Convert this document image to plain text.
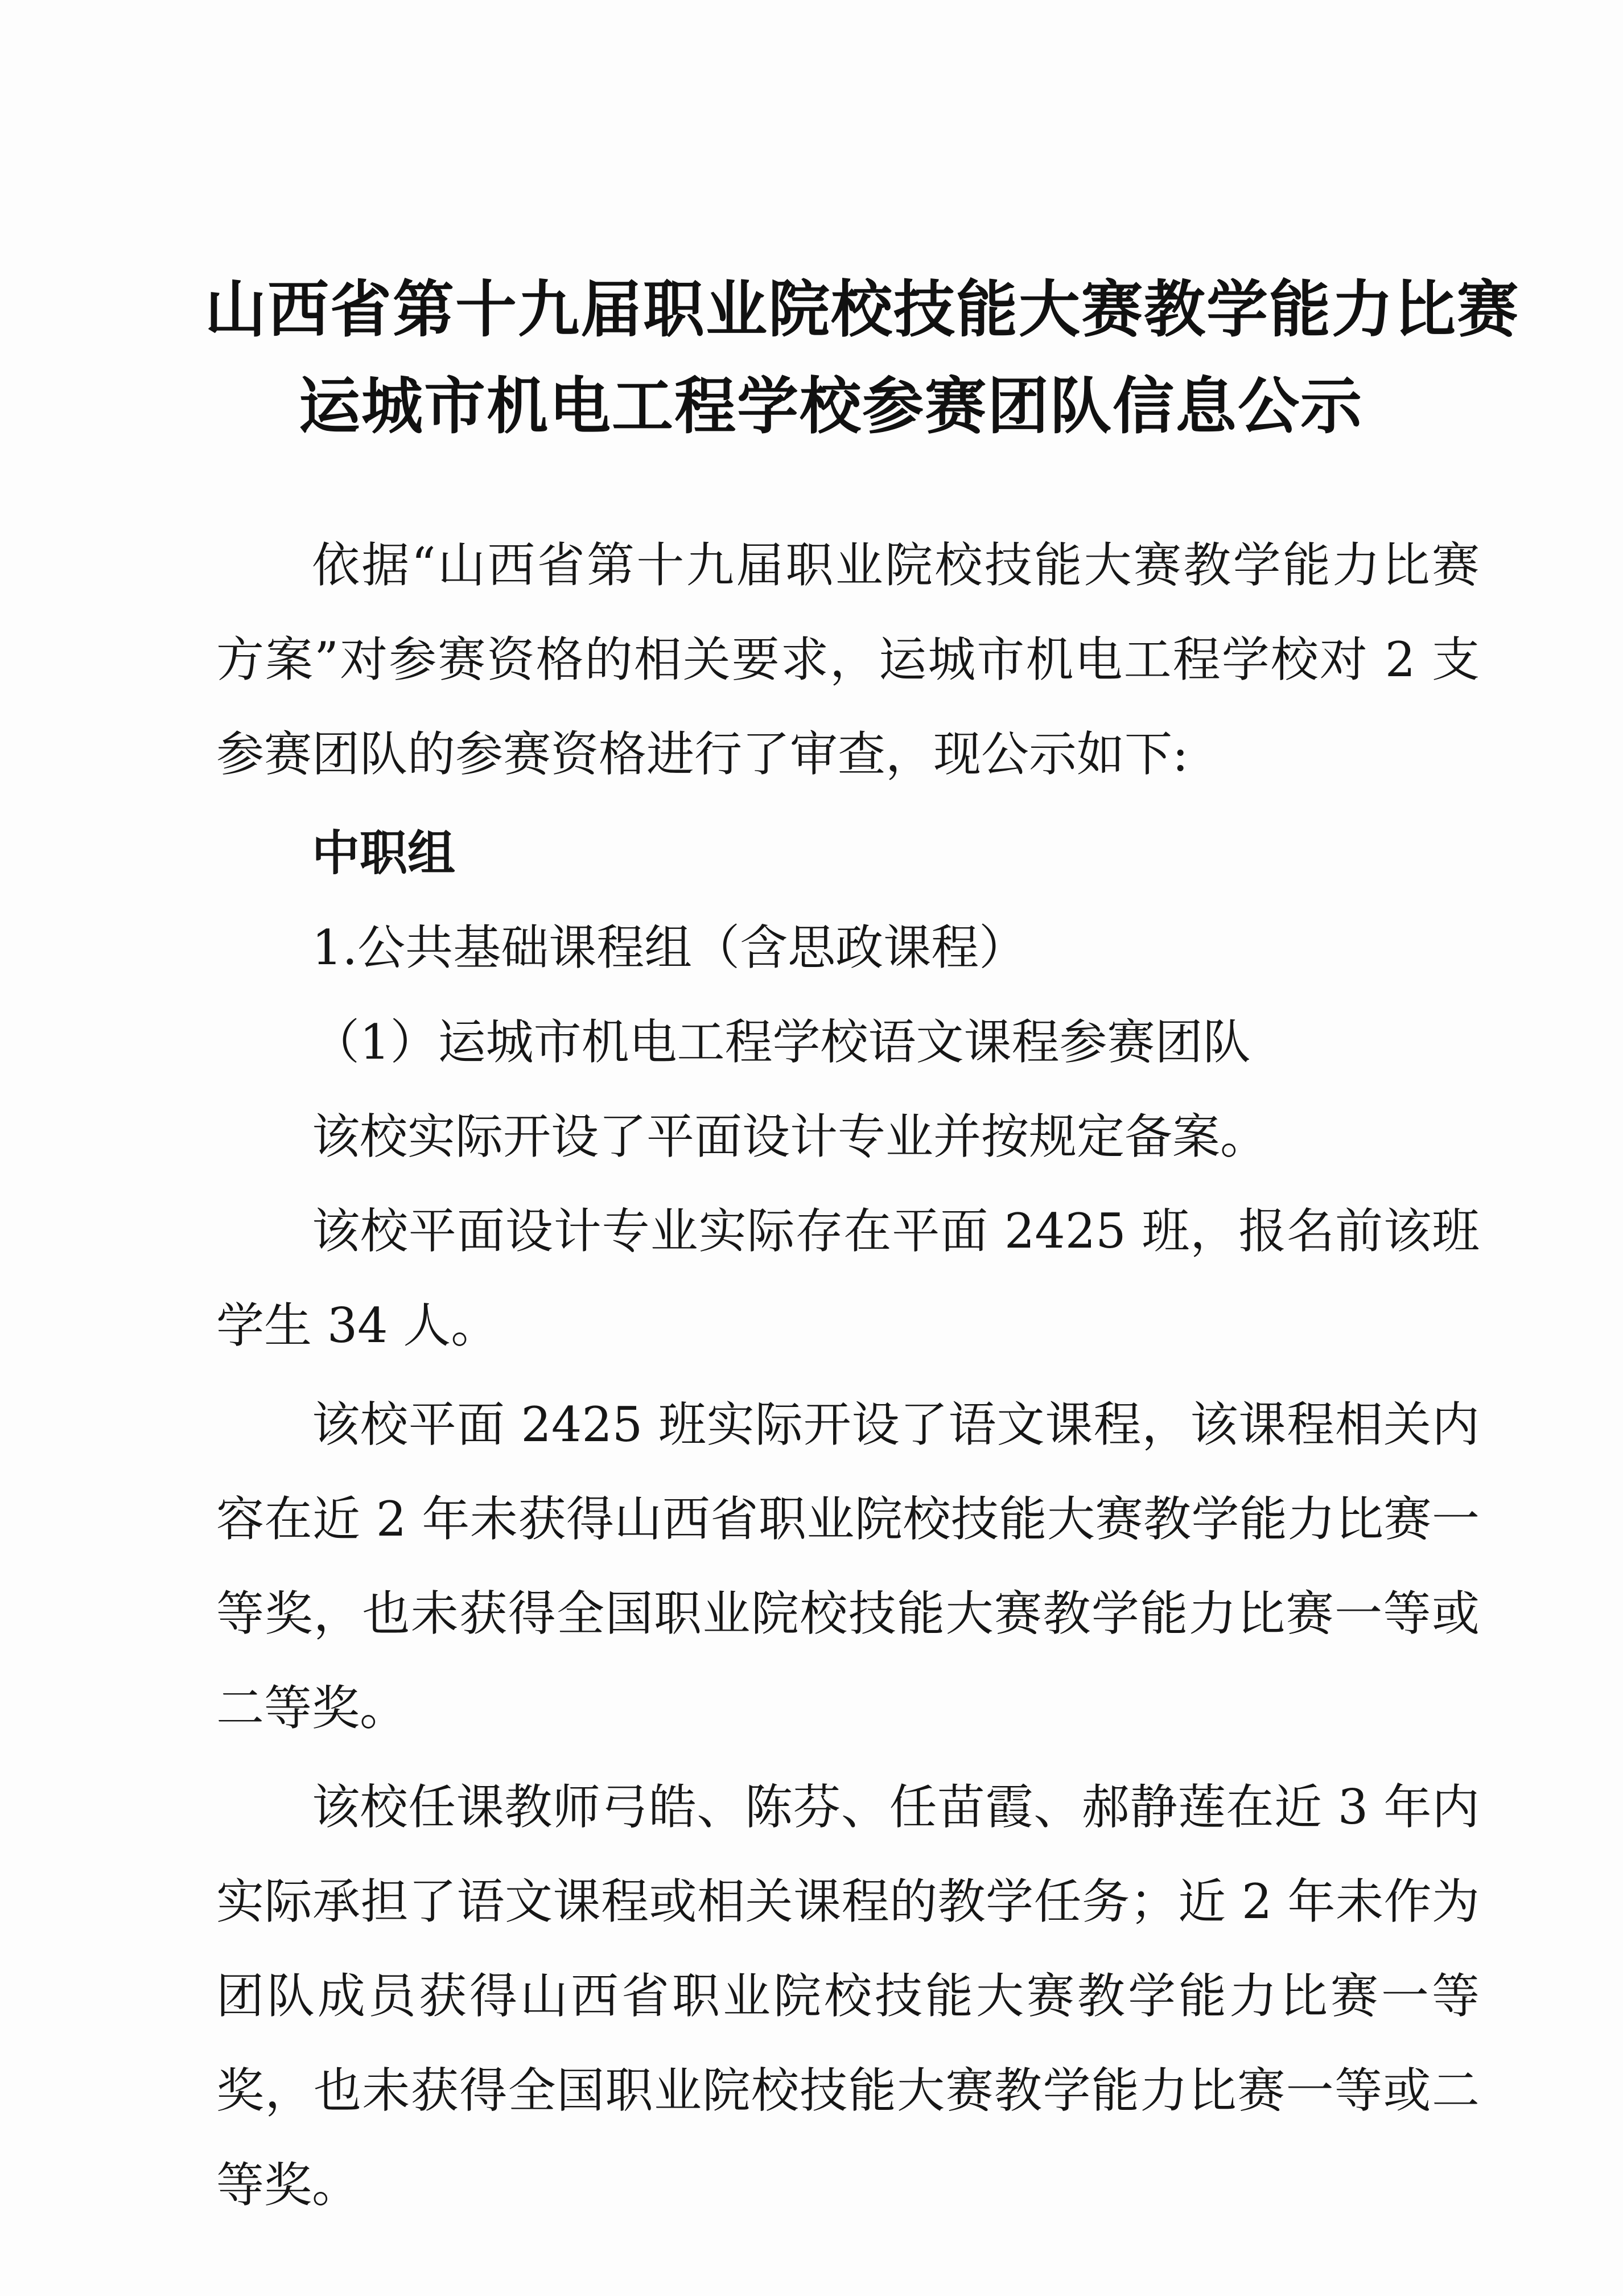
山西省第十九届职业院校技能大赛教学能力比赛
运城市机电工程学校参赛团队信息公示

依据“山西省第十九届职业院校技能大赛教学能力比赛方案”对参赛资格的相关要求，运城市机电工程学校对 2 支参赛团队的参赛资格进行了审查，现公示如下:

中职组

1.公共基础课程组（含思政课程）

（1）运城市机电工程学校语文课程参赛团队

该校实际开设了平面设计专业并按规定备案。

该校平面设计专业实际存在平面 2425 班，报名前该班学生 34 人。

该校平面 2425 班实际开设了语文课程，该课程相关内容在近 2 年未获得山西省职业院校技能大赛教学能力比赛一等奖，也未获得全国职业院校技能大赛教学能力比赛一等或二等奖。

该校任课教师弓皓、陈芬、任苗霞、郝静莲在近 3 年内实际承担了语文课程或相关课程的教学任务；近 2 年未作为团队成员获得山西省职业院校技能大赛教学能力比赛一等奖，也未获得全国职业院校技能大赛教学能力比赛一等或二等奖。
